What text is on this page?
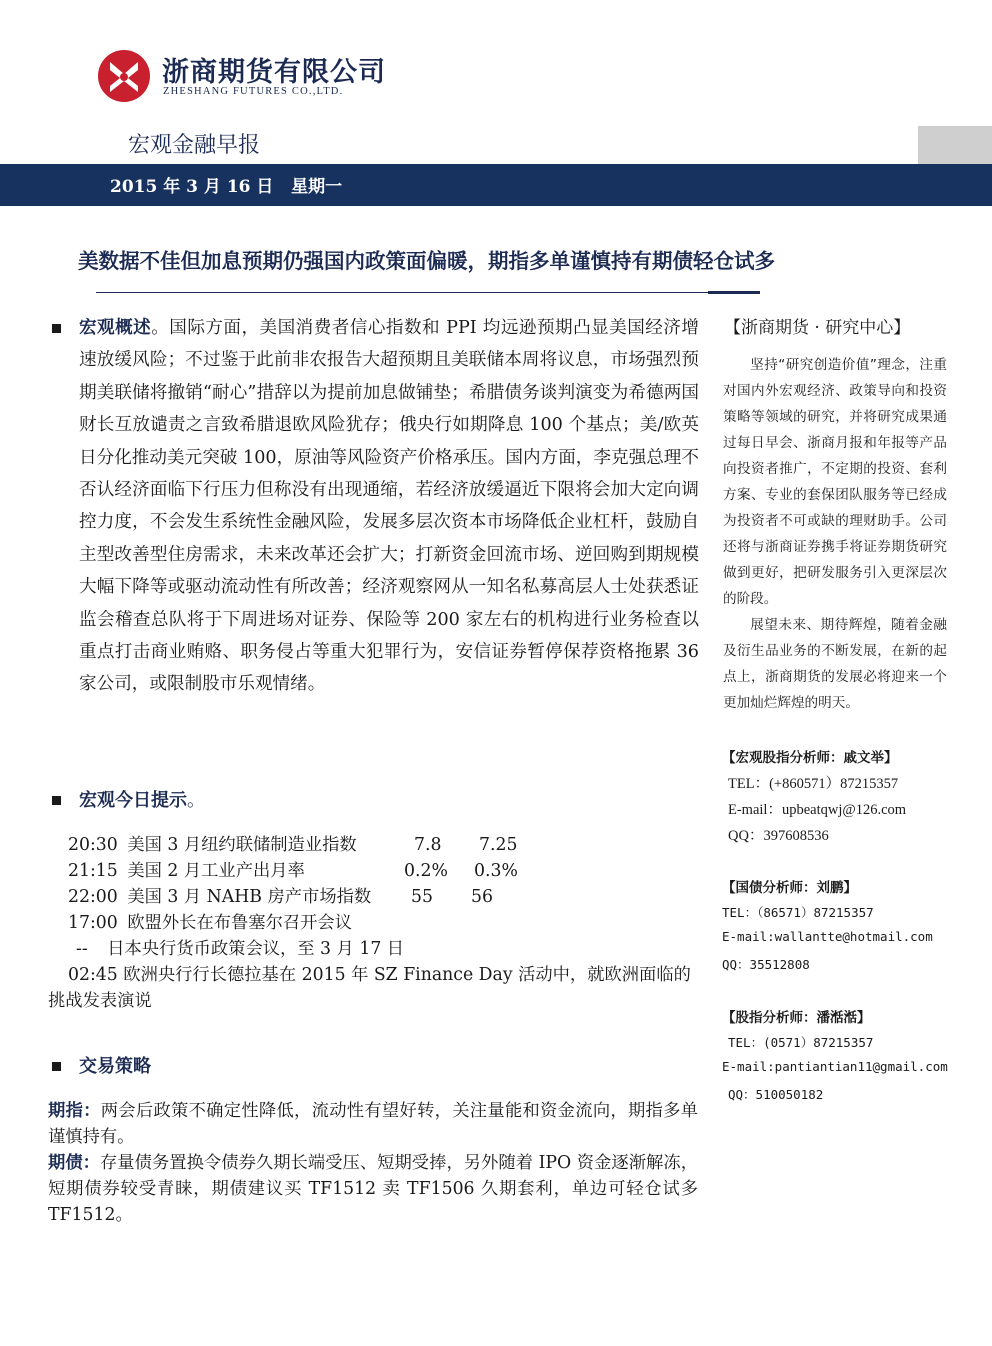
浙商期货有限公司
ZHESHANG FUTURES CO.,LTD.
宏观金融早报
2015 年 3 月 16 日   星期一
美数据不佳但加息预期仍强国内政策面偏暖，期指多单谨慎持有期债轻仓试多
宏观概述。国际方面，美国消费者信心指数和 PPI 均远逊预期凸显美国经济增速放缓风险；不过鉴于此前非农报告大超预期且美联储本周将议息，市场强烈预期美联储将撤销“耐心”措辞以为提前加息做铺垫；希腊债务谈判演变为希德两国财长互放谴责之言致希腊退欧风险犹存；俄央行如期降息 100 个基点；美/欧英日分化推动美元突破 100，原油等风险资产价格承压。国内方面，李克强总理不否认经济面临下行压力但称没有出现通缩，若经济放缓逼近下限将会加大定向调控力度，不会发生系统性金融风险，发展多层次资本市场降低企业杠杆，鼓励自主型改善型住房需求，未来改革还会扩大；打新资金回流市场、逆回购到期规模大幅下降等或驱动流动性有所改善；经济观察网从一知名私募高层人士处获悉证监会稽查总队将于下周进场对证券、保险等 200 家左右的机构进行业务检查以重点打击商业贿赂、职务侵占等重大犯罪行为，安信证券暂停保荐资格拖累 36 家公司，或限制股市乐观情绪。
宏观今日提示。
20:30 美国 3 月纽约联储制造业指数	7.8 7.25
21:15 美国 2 月工业产出月率	0.2% 0.3%
22:00 美国 3 月 NAHB 房产市场指数 55 56
17:00 欧盟外长在布鲁塞尔召开会议
-- 日本央行货币政策会议，至 3 月 17 日
02:45 欧洲央行行长德拉基在 2015 年 SZ Finance Day 活动中，就欧洲面临的挑战发表演说
交易策略

期指：两会后政策不确定性降低，流动性有望好转，关注量能和资金流向，期指多单谨慎持有。

期债：存量债务置换令债券久期长端受压、短期受捧，另外随着 IPO 资金逐渐解冻，短期债券较受青睐，期债建议买 TF1512 卖 TF1506 久期套利，单边可轻仓试多 TF1512。

【浙商期货 · 研究中心】

坚持“研究创造价值”理念，注重对国内外宏观经济、政策导向和投资策略等领域的研究，并将研究成果通过每日早会、浙商月报和年报等产品向投资者推广，不定期的投资、套利方案、专业的套保团队服务等已经成为投资者不可或缺的理财助手。公司还将与浙商证券携手将证券期货研究做到更好，把研发服务引入更深层次的阶段。

展望未来、期待辉煌，随着金融及衍生品业务的不断发展，在新的起点上，浙商期货的发展必将迎来一个更加灿烂辉煌的明天。

【宏观股指分析师：戚文举】
TEL：(+860571）87215357
E-mail：upbeatqwj@126.com
QQ：397608536
【国债分析师：刘鹏】
TEL：（86571）87215357
E-mail:wallantte@hotmail.com
QQ：35512808
【股指分析师：潘湉湉】
TEL：(0571）87215357
E-mail:pantiantian11@gmail.com
QQ：510050182
